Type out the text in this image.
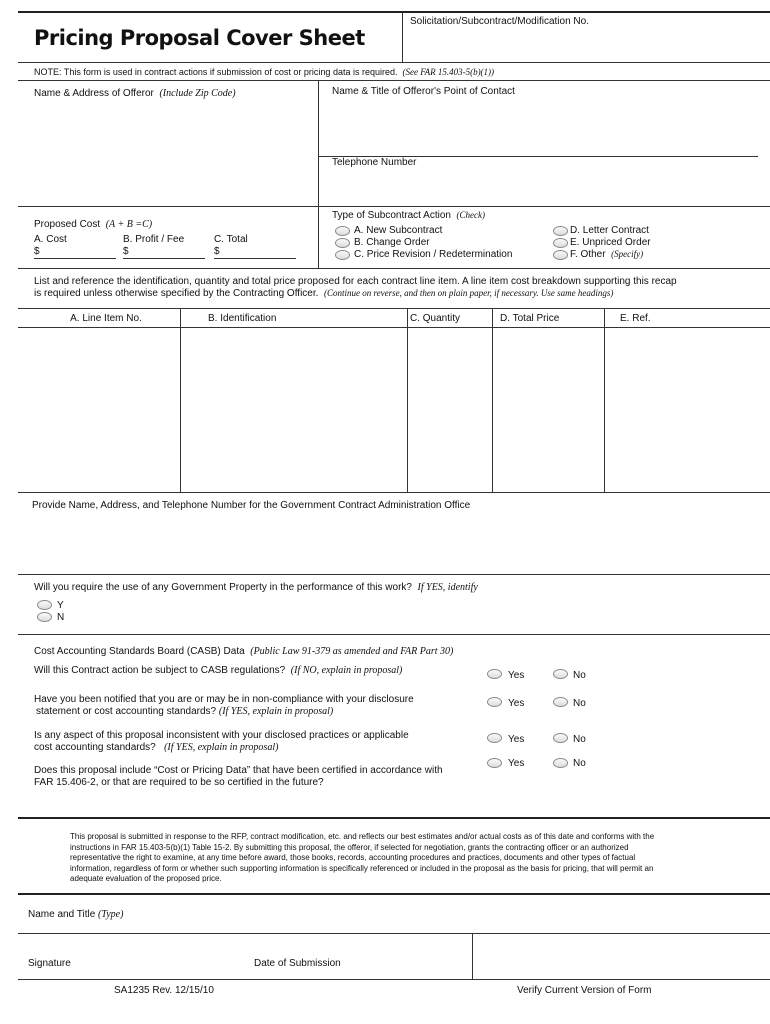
Pricing Proposal Cover Sheet
Solicitation/Subcontract/Modification No.
NOTE: This form is used in contract actions if submission of cost or pricing data is required. (See FAR 15.403-5(b)(1))
Name & Address of Offeror (Include Zip Code)	Name & Title of Offeror's Point of Contact
Telephone Number
Proposed Cost (A + B =C)
A. Cost	B. Profit / Fee	C. Total
$	$	$
Type of Subcontract Action (Check)
A. New Subcontract
B. Change Order
C. Price Revision / Redetermination
D. Letter Contract
E. Unpriced Order
F. Other (Specify)
List and reference the identification, quantity and total price proposed for each contract line item. A line item cost breakdown supporting this recap
is required unless otherwise specified by the Contracting Officer. (Continue on reverse, and then on plain paper, if necessary. Use same headings)
A. Line Item No.	B. Identification	C. Quantity	D. Total Price	E. Ref.
Provide Name, Address, and Telephone Number for the Government Contract Administration Office
Will you require the use of any Government Property in the performance of this work? If YES, identify
Y
N
Cost Accounting Standards Board (CASB) Data (Public Law 91-379 as amended and FAR Part 30)
Will this Contract action be subject to CASB regulations? (If NO, explain in proposal)	Yes	No
Have you been notified that you are or may be in non-compliance with your disclosure
statement or cost accounting standards? (If YES, explain in proposal)
Yes	No
Is any aspect of this proposal inconsistent with your disclosed practices or applicable
cost accounting standards? (If YES, explain in proposal)
Yes	No
Does this proposal include “Cost or Pricing Data” that have been certified in accordance with
FAR 15.406-2, or that are required to be so certified in the future?
Yes	No
This proposal is submitted in response to the RFP, contract modification, etc. and reflects our best estimates and/or actual costs as of this date and conforms with the
instructions in FAR 15.403-5(b)(1) Table 15-2. By submitting this proposal, the offeror, if selected for negotiation, grants the contracting officer or an authorized
representative the right to examine, at any time before award, those books, records, accounting procedures and practices, documents and other types of factual
information, regardless of form or whether such supporting information is specifically referenced or included in the proposal as the basis for pricing, that will permit an
adequate evaluation of the proposed price.
Name and Title (Type)
Signature	Date of Submission
SA1235 Rev. 12/15/10	Verify Current Version of Form
